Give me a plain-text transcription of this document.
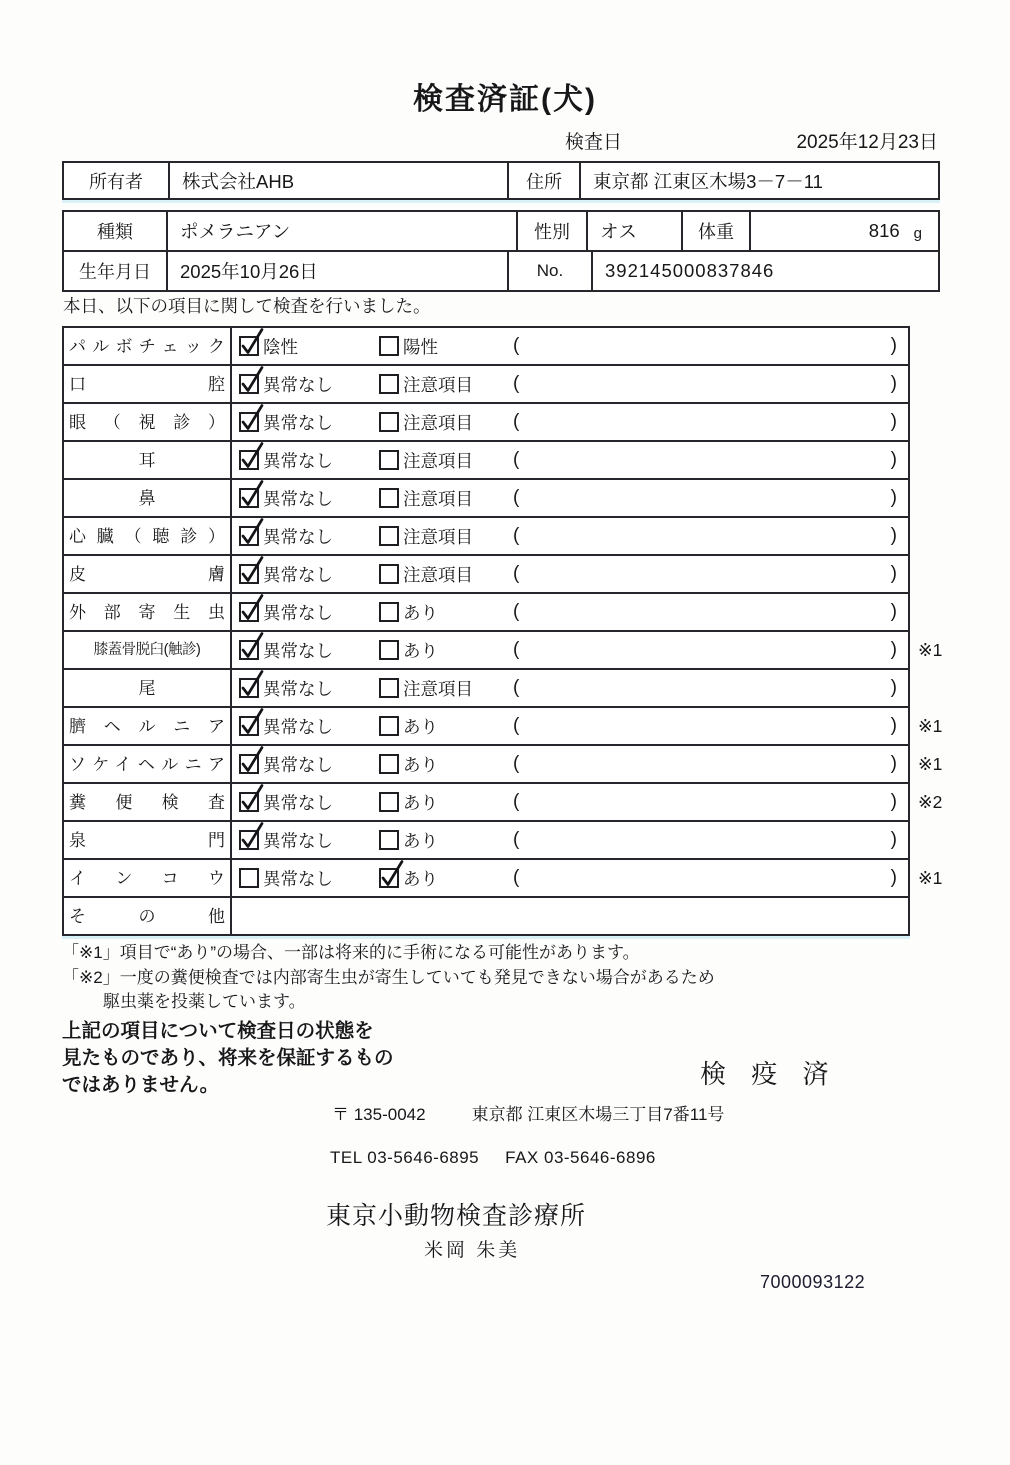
検査済証(犬)
検査日	2025年12月23日
所有者	株式会社AHB	住所	東京都 江東区木場3－7－11
種類	ポメラニアン	性別	オス	体重	816 g
生年月日	2025年10月26日	No.	392145000837846

本日、以下の項目に関して検査を行いました。

パルボチェック 陰性	陽性	(	)
口腔 異常なし	注意項目 (	)
眼（視診） 異常なし	注意項目 (	)
耳	異常なし	注意項目 (	)
鼻	異常なし	注意項目 (	)
心臓（聴診） 異常なし	注意項目 (	)
皮膚 異常なし	注意項目 (	)
外部寄生虫 異常なし	あり	(	)
膝蓋骨脱臼(触診)	異常なし	あり	(	) ※1
尾	異常なし	注意項目 (	)
臍ヘルニア 異常なし	あり	(	) ※1
ソケイヘルニア 異常なし	あり	(	) ※1
糞便検査 異常なし	あり	(	) ※2
泉門 異常なし	あり	(	)
インコウ 異常なし	あり	(	) ※1
その他

「※1」項目で“あり”の場合、一部は将来的に手術になる可能性があります。

「※2」一度の糞便検査では内部寄生虫が寄生していても発見できない場合があるため

駆虫薬を投薬しています。

上記の項目について検査日の状態を
見たものであり、将来を保証するもの
ではありません。	検 疫 済
〒 135-0042	東京都 江東区木場三丁目7番11号
TEL 03-5646-6895 FAX 03-5646-6896
東京小動物検査診療所
米岡 朱美
7000093122
